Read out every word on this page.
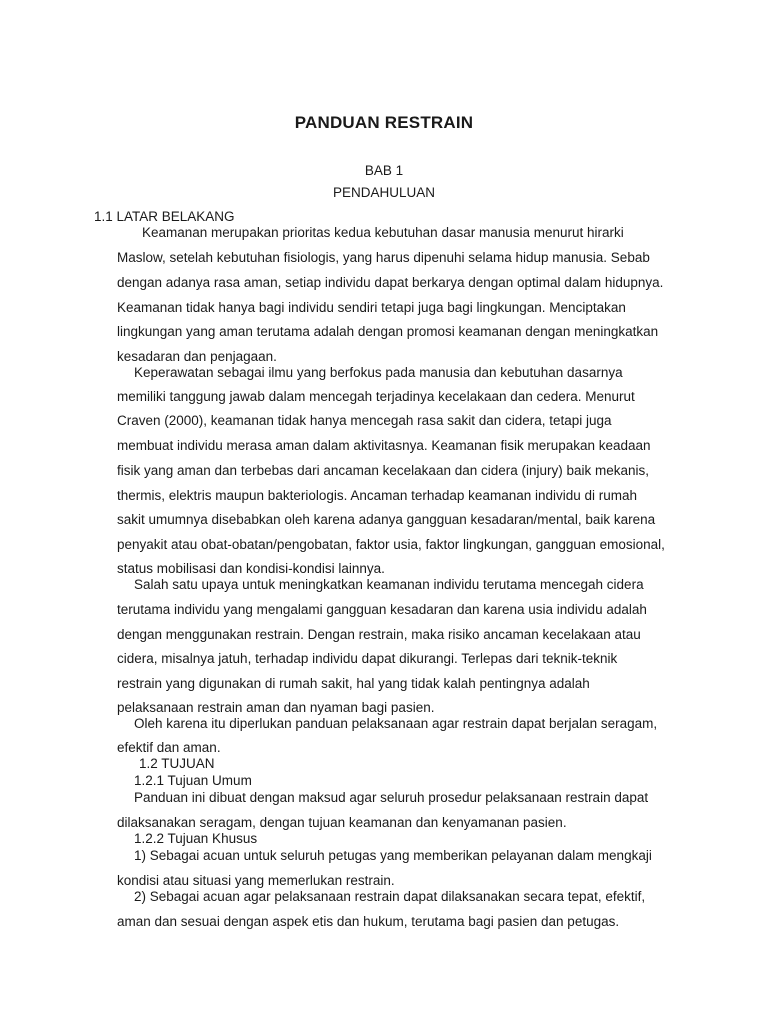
PANDUAN RESTRAIN
BAB 1
PENDAHULUAN
1.1 LATAR BELAKANG
Keamanan merupakan prioritas kedua kebutuhan dasar manusia menurut hirarki
Maslow, setelah kebutuhan fisiologis, yang harus dipenuhi selama hidup manusia. Sebab
dengan adanya rasa aman, setiap individu dapat berkarya dengan optimal dalam hidupnya.
Keamanan tidak hanya bagi individu sendiri tetapi juga bagi lingkungan. Menciptakan
lingkungan yang aman terutama adalah dengan promosi keamanan dengan meningkatkan
kesadaran dan penjagaan.
Keperawatan sebagai ilmu yang berfokus pada manusia dan kebutuhan dasarnya
memiliki tanggung jawab dalam mencegah terjadinya kecelakaan dan cedera. Menurut
Craven (2000), keamanan tidak hanya mencegah rasa sakit dan cidera, tetapi juga
membuat individu merasa aman dalam aktivitasnya. Keamanan fisik merupakan keadaan
fisik yang aman dan terbebas dari ancaman kecelakaan dan cidera (injury) baik mekanis,
thermis, elektris maupun bakteriologis. Ancaman terhadap keamanan individu di rumah
sakit umumnya disebabkan oleh karena adanya gangguan kesadaran/mental, baik karena
penyakit atau obat-obatan/pengobatan, faktor usia, faktor lingkungan, gangguan emosional,
status mobilisasi dan kondisi-kondisi lainnya.
Salah satu upaya untuk meningkatkan keamanan individu terutama mencegah cidera
terutama individu yang mengalami gangguan kesadaran dan karena usia individu adalah
dengan menggunakan restrain. Dengan restrain, maka risiko ancaman kecelakaan atau
cidera, misalnya jatuh, terhadap individu dapat dikurangi. Terlepas dari teknik-teknik
restrain yang digunakan di rumah sakit, hal yang tidak kalah pentingnya adalah
pelaksanaan restrain aman dan nyaman bagi pasien.
Oleh karena itu diperlukan panduan pelaksanaan agar restrain dapat berjalan seragam,
efektif dan aman.
1.2 TUJUAN
1.2.1 Tujuan Umum
Panduan ini dibuat dengan maksud agar seluruh prosedur pelaksanaan restrain dapat
dilaksanakan seragam, dengan tujuan keamanan dan kenyamanan pasien.
1.2.2 Tujuan Khusus
1) Sebagai acuan untuk seluruh petugas yang memberikan pelayanan dalam mengkaji
kondisi atau situasi yang memerlukan restrain.
2) Sebagai acuan agar pelaksanaan restrain dapat dilaksanakan secara tepat, efektif,
aman dan sesuai dengan aspek etis dan hukum, terutama bagi pasien dan petugas.
